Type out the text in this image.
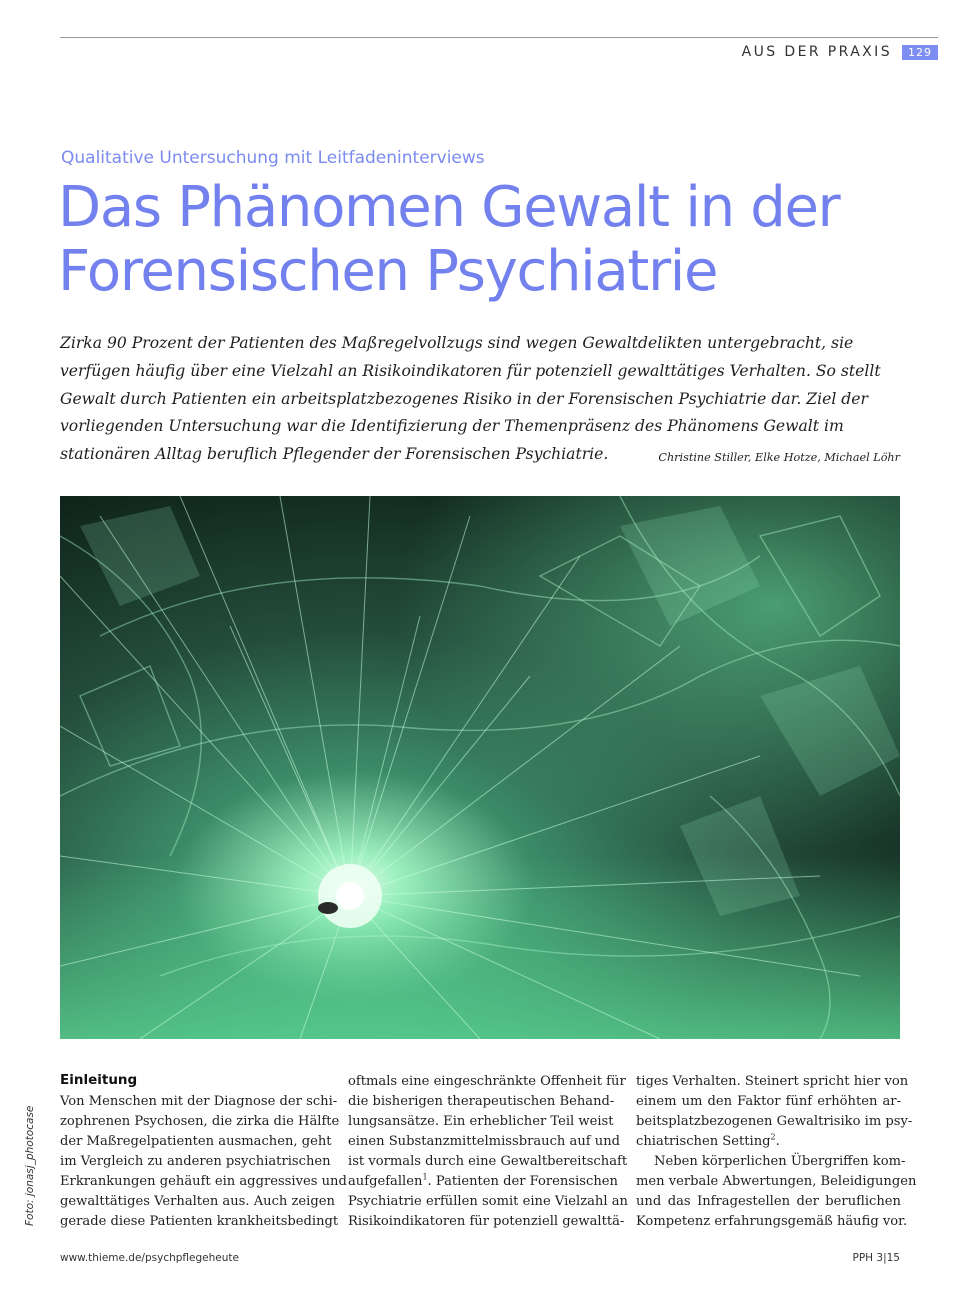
AUS DER PRAXIS	129
Qualitative Untersuchung mit Leitfadeninterviews
Das Phänomen Gewalt in der
Forensischen Psychiatrie

Zirka 90 Prozent der Patienten des Maßregelvollzugs sind wegen Gewaltdelikten untergebracht, sie
verfügen häufig über eine Vielzahl an Risikoindikatoren für potenziell gewalttätiges Verhalten. So stellt
Gewalt durch Patienten ein arbeitsplatzbezogenes Risiko in der Forensischen Psychiatrie dar. Ziel der
vorliegenden Untersuchung war die Identifizierung der Themenpräsenz des Phänomens Gewalt im
stationären Alltag beruflich Pflegender der Forensischen Psychiatrie.	Christine Stiller, Elke Hotze, Michael Löhr

Foto: jonasj_photocase
Einleitung
Von Menschen mit der Diagnose der schi-
zophrenen Psychosen, die zirka die Hälfte
der Maßregelpatienten ausmachen, geht
im Vergleich zu anderen psychiatrischen
Erkrankungen gehäuft ein aggressives und
gewalttätiges Verhalten aus. Auch zeigen
gerade diese Patienten krankheitsbedingt
oftmals eine eingeschränkte Offenheit für
die bisherigen therapeutischen Behand-
lungsansätze. Ein erheblicher Teil weist
einen Substanzmittelmissbrauch auf und
ist vormals durch eine Gewaltbereitschaft
aufgefallen$^1$. Patienten der Forensischen
Psychiatrie erfüllen somit eine Vielzahl an
Risikoindikatoren für potenziell gewalttä-
tiges Verhalten. Steinert spricht hier von
einem um den Faktor fünf erhöhten ar-
beitsplatzbezogenen Gewaltrisiko im psy-
chiatrischen Setting$^2$.
Neben körperlichen Übergriffen kom-
men verbale Abwertungen, Beleidigungen
und das Infragestellen der beruflichen
Kompetenz erfahrungsgemäß häufig vor.
www.thieme.de/psychpflegeheute	PPH 3|15
